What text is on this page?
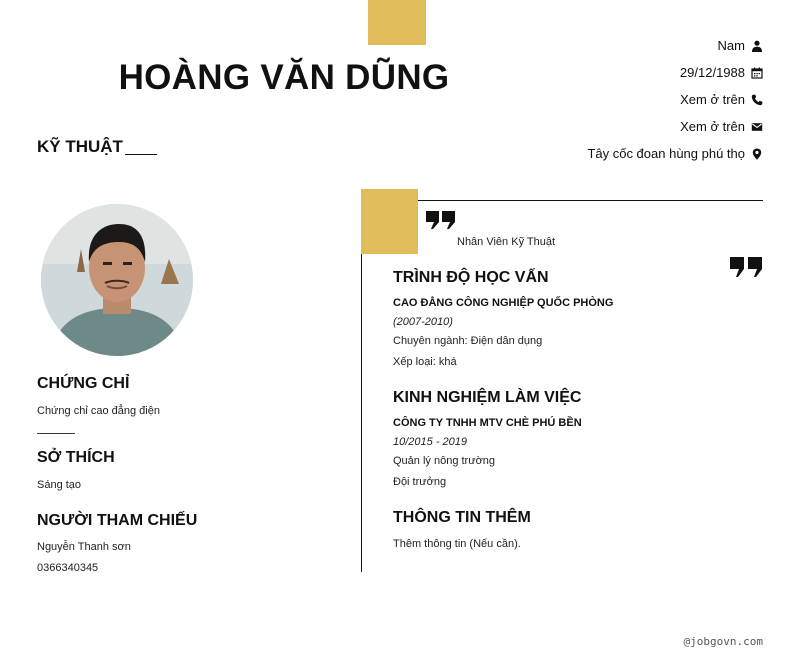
HOÀNG VĂN DŨNG
Nam
29/12/1988
Xem ở trên
Xem ở trên
Tây cốc đoan hùng phú thọ
KỸ THUẬT
CHỨNG CHỈ
Chứng chỉ cao đẳng điện
SỞ THÍCH
Sáng tạo
NGƯỜI THAM CHIẾU
Nguyễn Thanh sơn
0366340345
Nhân Viên Kỹ Thuật
TRÌNH ĐỘ HỌC VẤN
CAO ĐẲNG CÔNG NGHIỆP QUỐC PHÒNG
(2007-2010)
Chuyên ngành: Điện dân dụng
Xếp loại: khá
KINH NGHIỆM LÀM VIỆC
CÔNG TY TNHH MTV CHÈ PHÚ BỀN
10/2015 - 2019
Quản lý nông trường
Đội trưởng
THÔNG TIN THÊM
Thêm thông tin (Nếu cần).
@jobgovn.com
